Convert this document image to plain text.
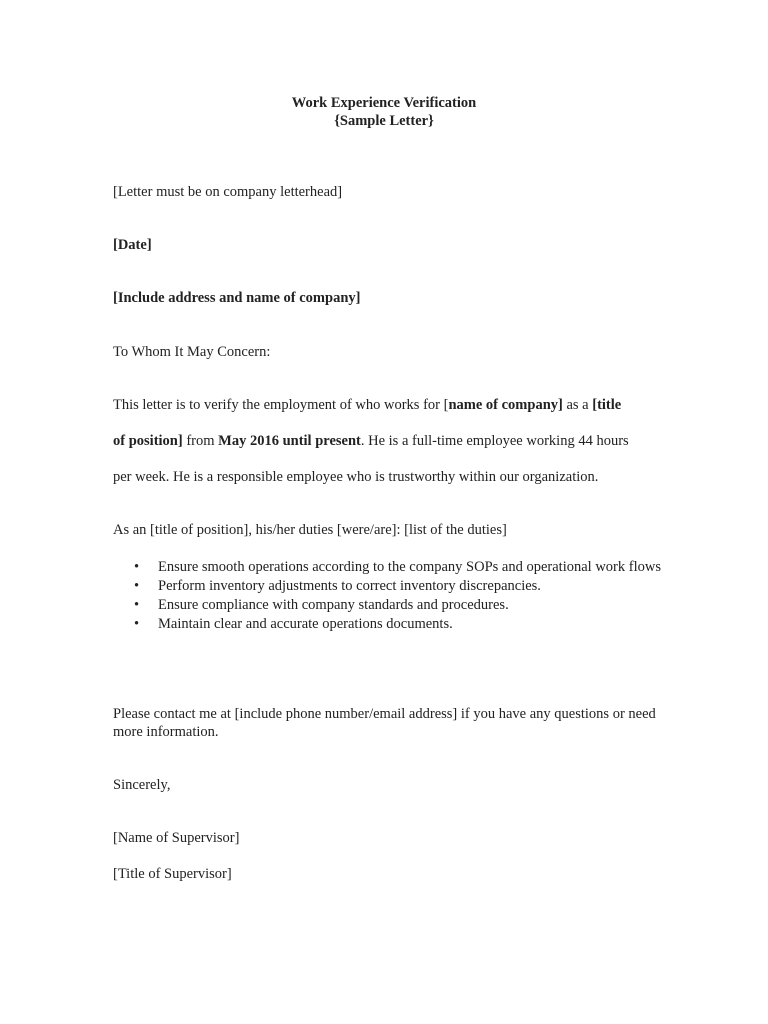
Work Experience Verification
{Sample Letter}
[Letter must be on company letterhead]
[Date]
[Include address and name of company]
To Whom It May Concern:
This letter is to verify the employment of who works for [name of company] as a [title
of position] from May 2016 until present. He is a full-time employee working 44 hours
per week. He is a responsible employee who is trustworthy within our organization.
As an [title of position], his/her duties [were/are]: [list of the duties]
• Ensure smooth operations according to the company SOPs and operational work flows
• Perform inventory adjustments to correct inventory discrepancies.
• Ensure compliance with company standards and procedures.
• Maintain clear and accurate operations documents.
Please contact me at [include phone number/email address] if you have any questions or need more information.
Sincerely,
[Name of Supervisor]
[Title of Supervisor]
